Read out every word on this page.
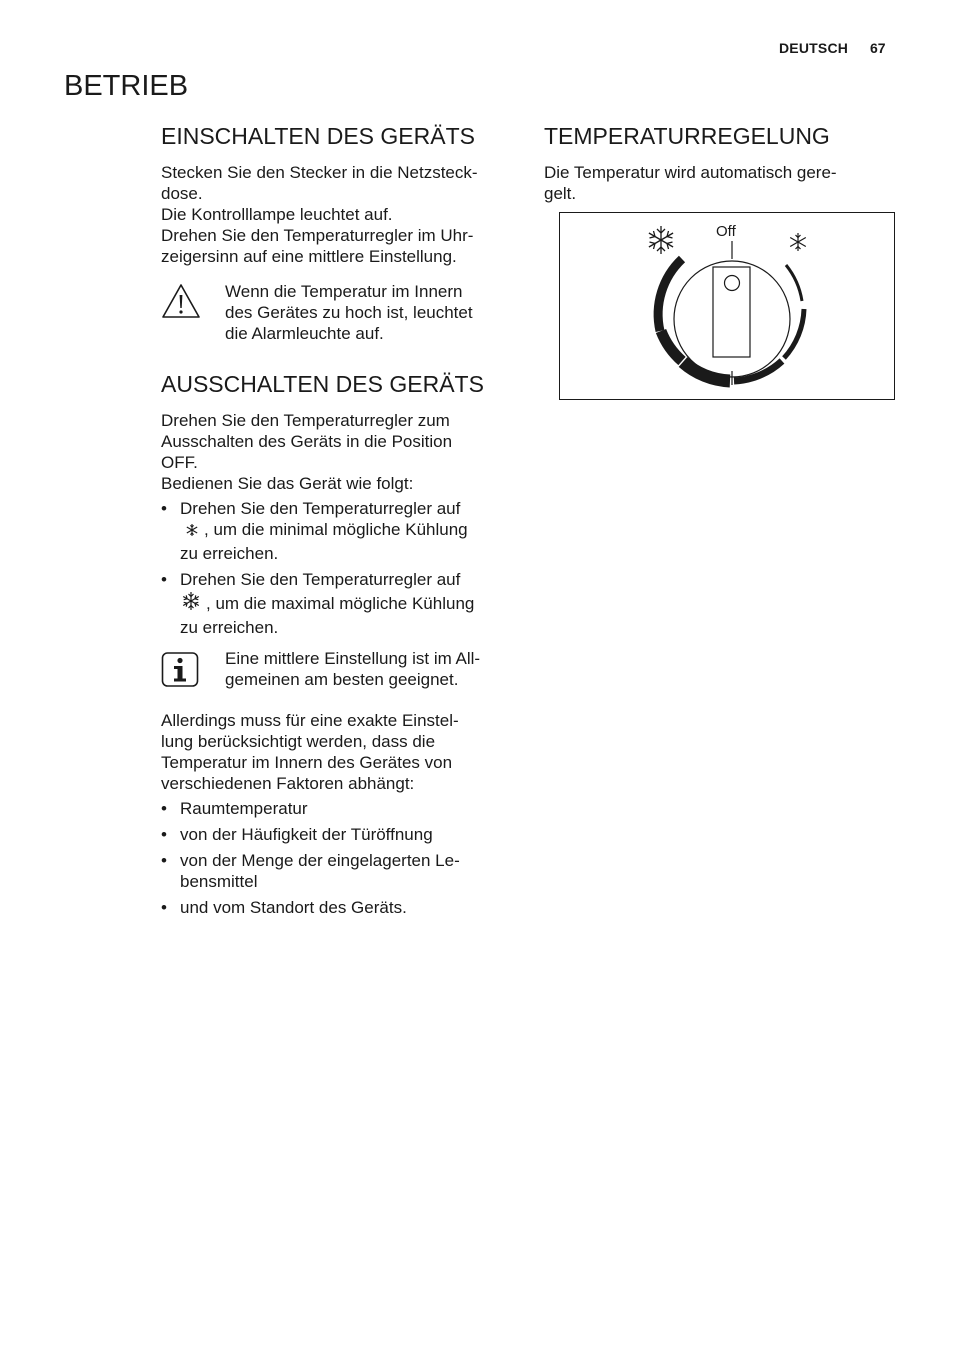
DEUTSCH 67
BETRIEB
EINSCHALTEN DES GERÄTS

Stecken Sie den Stecker in die Netzsteck-
dose.
Die Kontrolllampe leuchtet auf.
Drehen Sie den Temperaturregler im Uhr-
zeigersinn auf eine mittlere Einstellung.

Wenn die Temperatur im Innern
des Gerätes zu hoch ist, leuchtet
die Alarmleuchte auf.

AUSSCHALTEN DES GERÄTS

Drehen Sie den Temperaturregler zum
Ausschalten des Geräts in die Position
OFF.
Bedienen Sie das Gerät wie folgt:

• Drehen Sie den Temperaturregler auf
, um die minimal mögliche Kühlung
zu erreichen.
• Drehen Sie den Temperaturregler auf
, um die maximal mögliche Kühlung
zu erreichen.

Eine mittlere Einstellung ist im All-
gemeinen am besten geeignet.

Allerdings muss für eine exakte Einstel-
lung berücksichtigt werden, dass die
Temperatur im Innern des Gerätes von
verschiedenen Faktoren abhängt:

• Raumtemperatur
• von der Häufigkeit der Türöffnung
• von der Menge der eingelagerten Le-
bensmittel
• und vom Standort des Geräts.
TEMPERATURREGELUNG

Die Temperatur wird automatisch gere-
gelt.

Off
